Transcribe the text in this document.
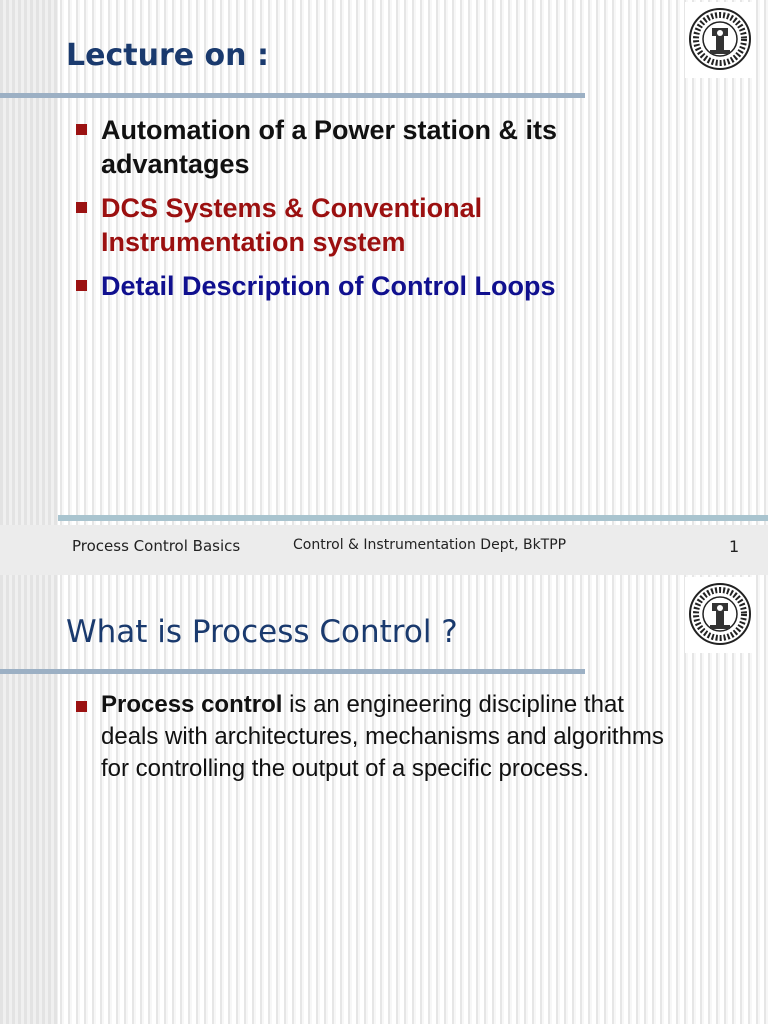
Lecture on :
Automation of a Power station & its advantages
DCS Systems & Conventional Instrumentation system
Detail Description of Control Loops
Process Control Basics	Control & Instrumentation Dept, BkTPP	1
What is Process Control ?
Process control is an engineering discipline that deals with architectures, mechanisms and algorithms for controlling the output of a specific process.
